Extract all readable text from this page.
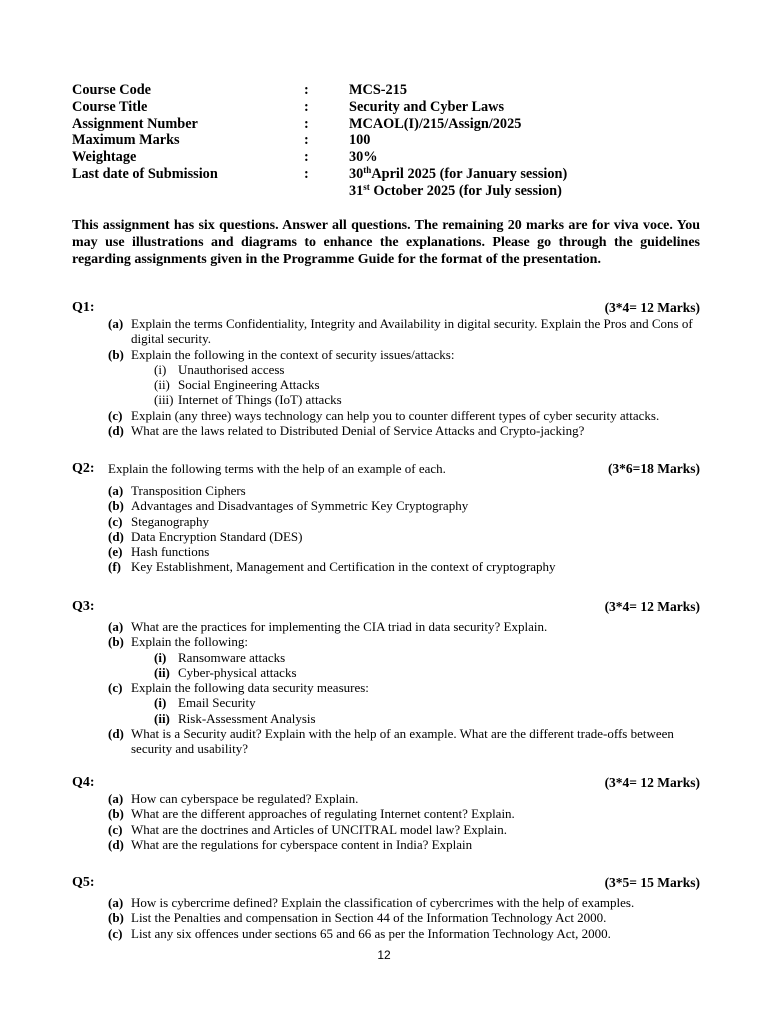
Course Code	:	MCS-215
Course Title	:	Security and Cyber Laws
Assignment Number	:	MCAOL(I)/215/Assign/2025
Maximum Marks	:	100
Weightage	:	30%
Last date of Submission	:	30thApril 2025 (for January session)
31st October 2025 (for July session)
This assignment has six questions. Answer all questions. The remaining 20 marks are for viva voce. You may use illustrations and diagrams to enhance the explanations. Please go through the guidelines regarding assignments given in the Programme Guide for the format of the presentation.
Q1:	(3*4= 12 Marks)
(a) Explain the terms Confidentiality, Integrity and Availability in digital security. Explain the Pros and Cons of digital security.
(b) Explain the following in the context of security issues/attacks:
(i) Unauthorised access
(ii) Social Engineering Attacks
(iii) Internet of Things (IoT) attacks
(c) Explain (any three) ways technology can help you to counter different types of cyber security attacks.
(d) What are the laws related to Distributed Denial of Service Attacks and Crypto-jacking?
Q2: Explain the following terms with the help of an example of each.	(3*6=18 Marks)
(a) Transposition Ciphers
(b) Advantages and Disadvantages of Symmetric Key Cryptography
(c) Steganography
(d) Data Encryption Standard (DES)
(e) Hash functions
(f) Key Establishment, Management and Certification in the context of cryptography
Q3:	(3*4= 12 Marks)
(a) What are the practices for implementing the CIA triad in data security? Explain.
(b) Explain the following:
(i) Ransomware attacks
(ii) Cyber-physical attacks
(c) Explain the following data security measures:
(i) Email Security
(ii) Risk-Assessment Analysis
(d) What is a Security audit? Explain with the help of an example. What are the different trade-offs between security and usability?
Q4:	(3*4= 12 Marks)
(a) How can cyberspace be regulated? Explain.
(b) What are the different approaches of regulating Internet content? Explain.
(c) What are the doctrines and Articles of UNCITRAL model law? Explain.
(d) What are the regulations for cyberspace content in India? Explain
Q5:	(3*5= 15 Marks)
(a) How is cybercrime defined? Explain the classification of cybercrimes with the help of examples.
(b) List the Penalties and compensation in Section 44 of the Information Technology Act 2000.
(c) List any six offences under sections 65 and 66 as per the Information Technology Act, 2000.
12
